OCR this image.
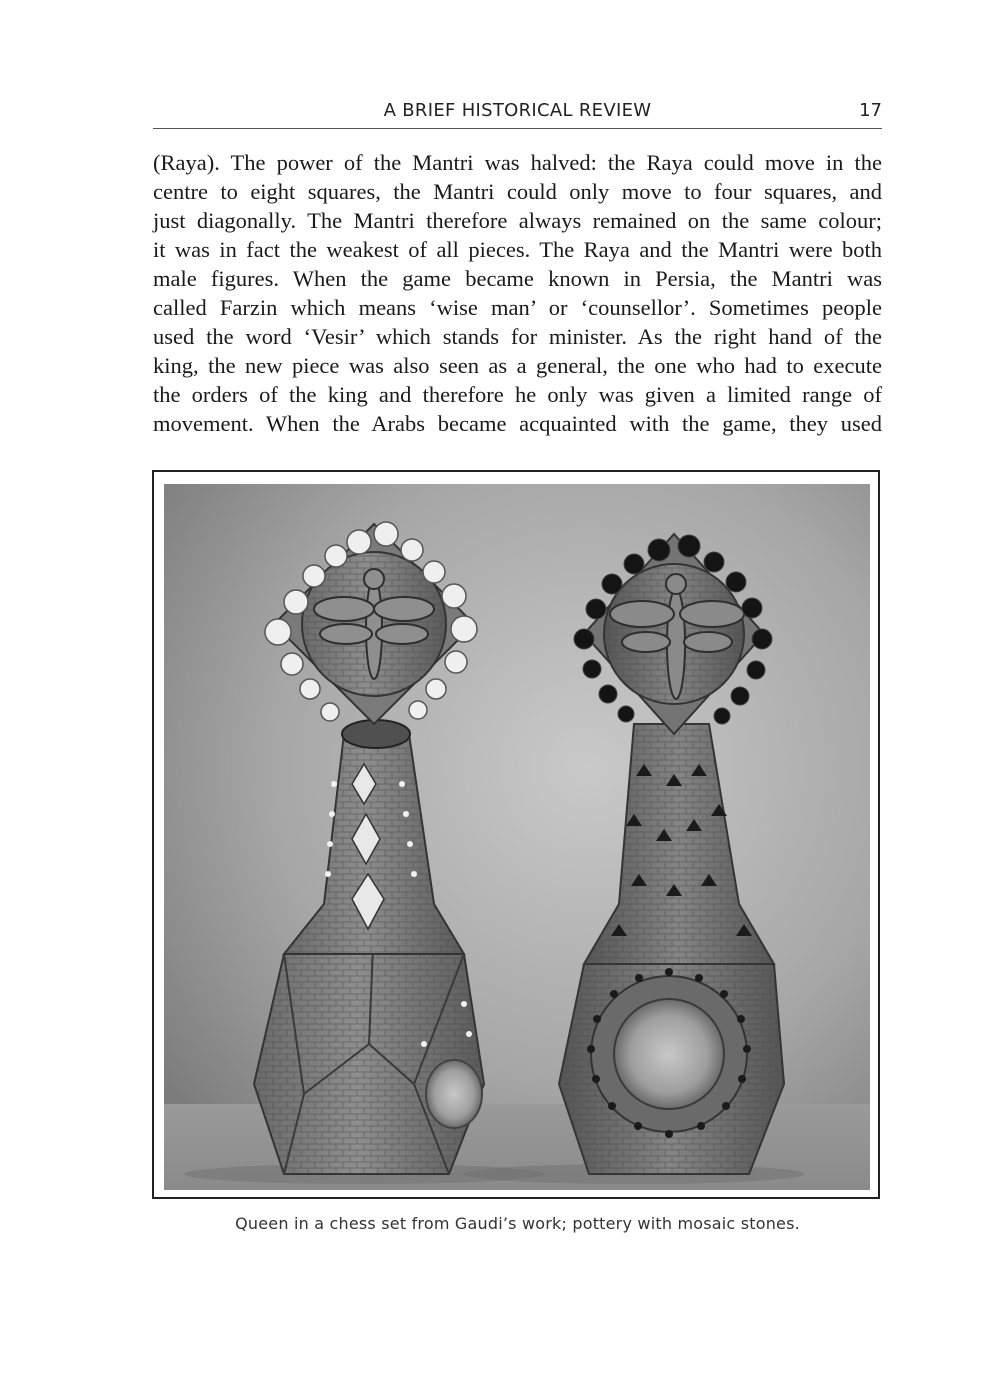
A BRIEF HISTORICAL REVIEW	17
(Raya). The power of the Mantri was halved: the Raya could move in the
centre to eight squares, the Mantri could only move to four squares, and
just diagonally. The Mantri therefore always remained on the same colour;
it was in fact the weakest of all pieces. The Raya and the Mantri were both
male figures. When the game became known in Persia, the Mantri was
called Farzin which means ‘wise man’ or ‘counsellor’. Sometimes people
used the word ‘Vesir’ which stands for minister. As the right hand of the
king, the new piece was also seen as a general, the one who had to execute
the orders of the king and therefore he only was given a limited range of
movement. When the Arabs became acquainted with the game, they used
Queen in a chess set from Gaudi’s work; pottery with mosaic stones.
